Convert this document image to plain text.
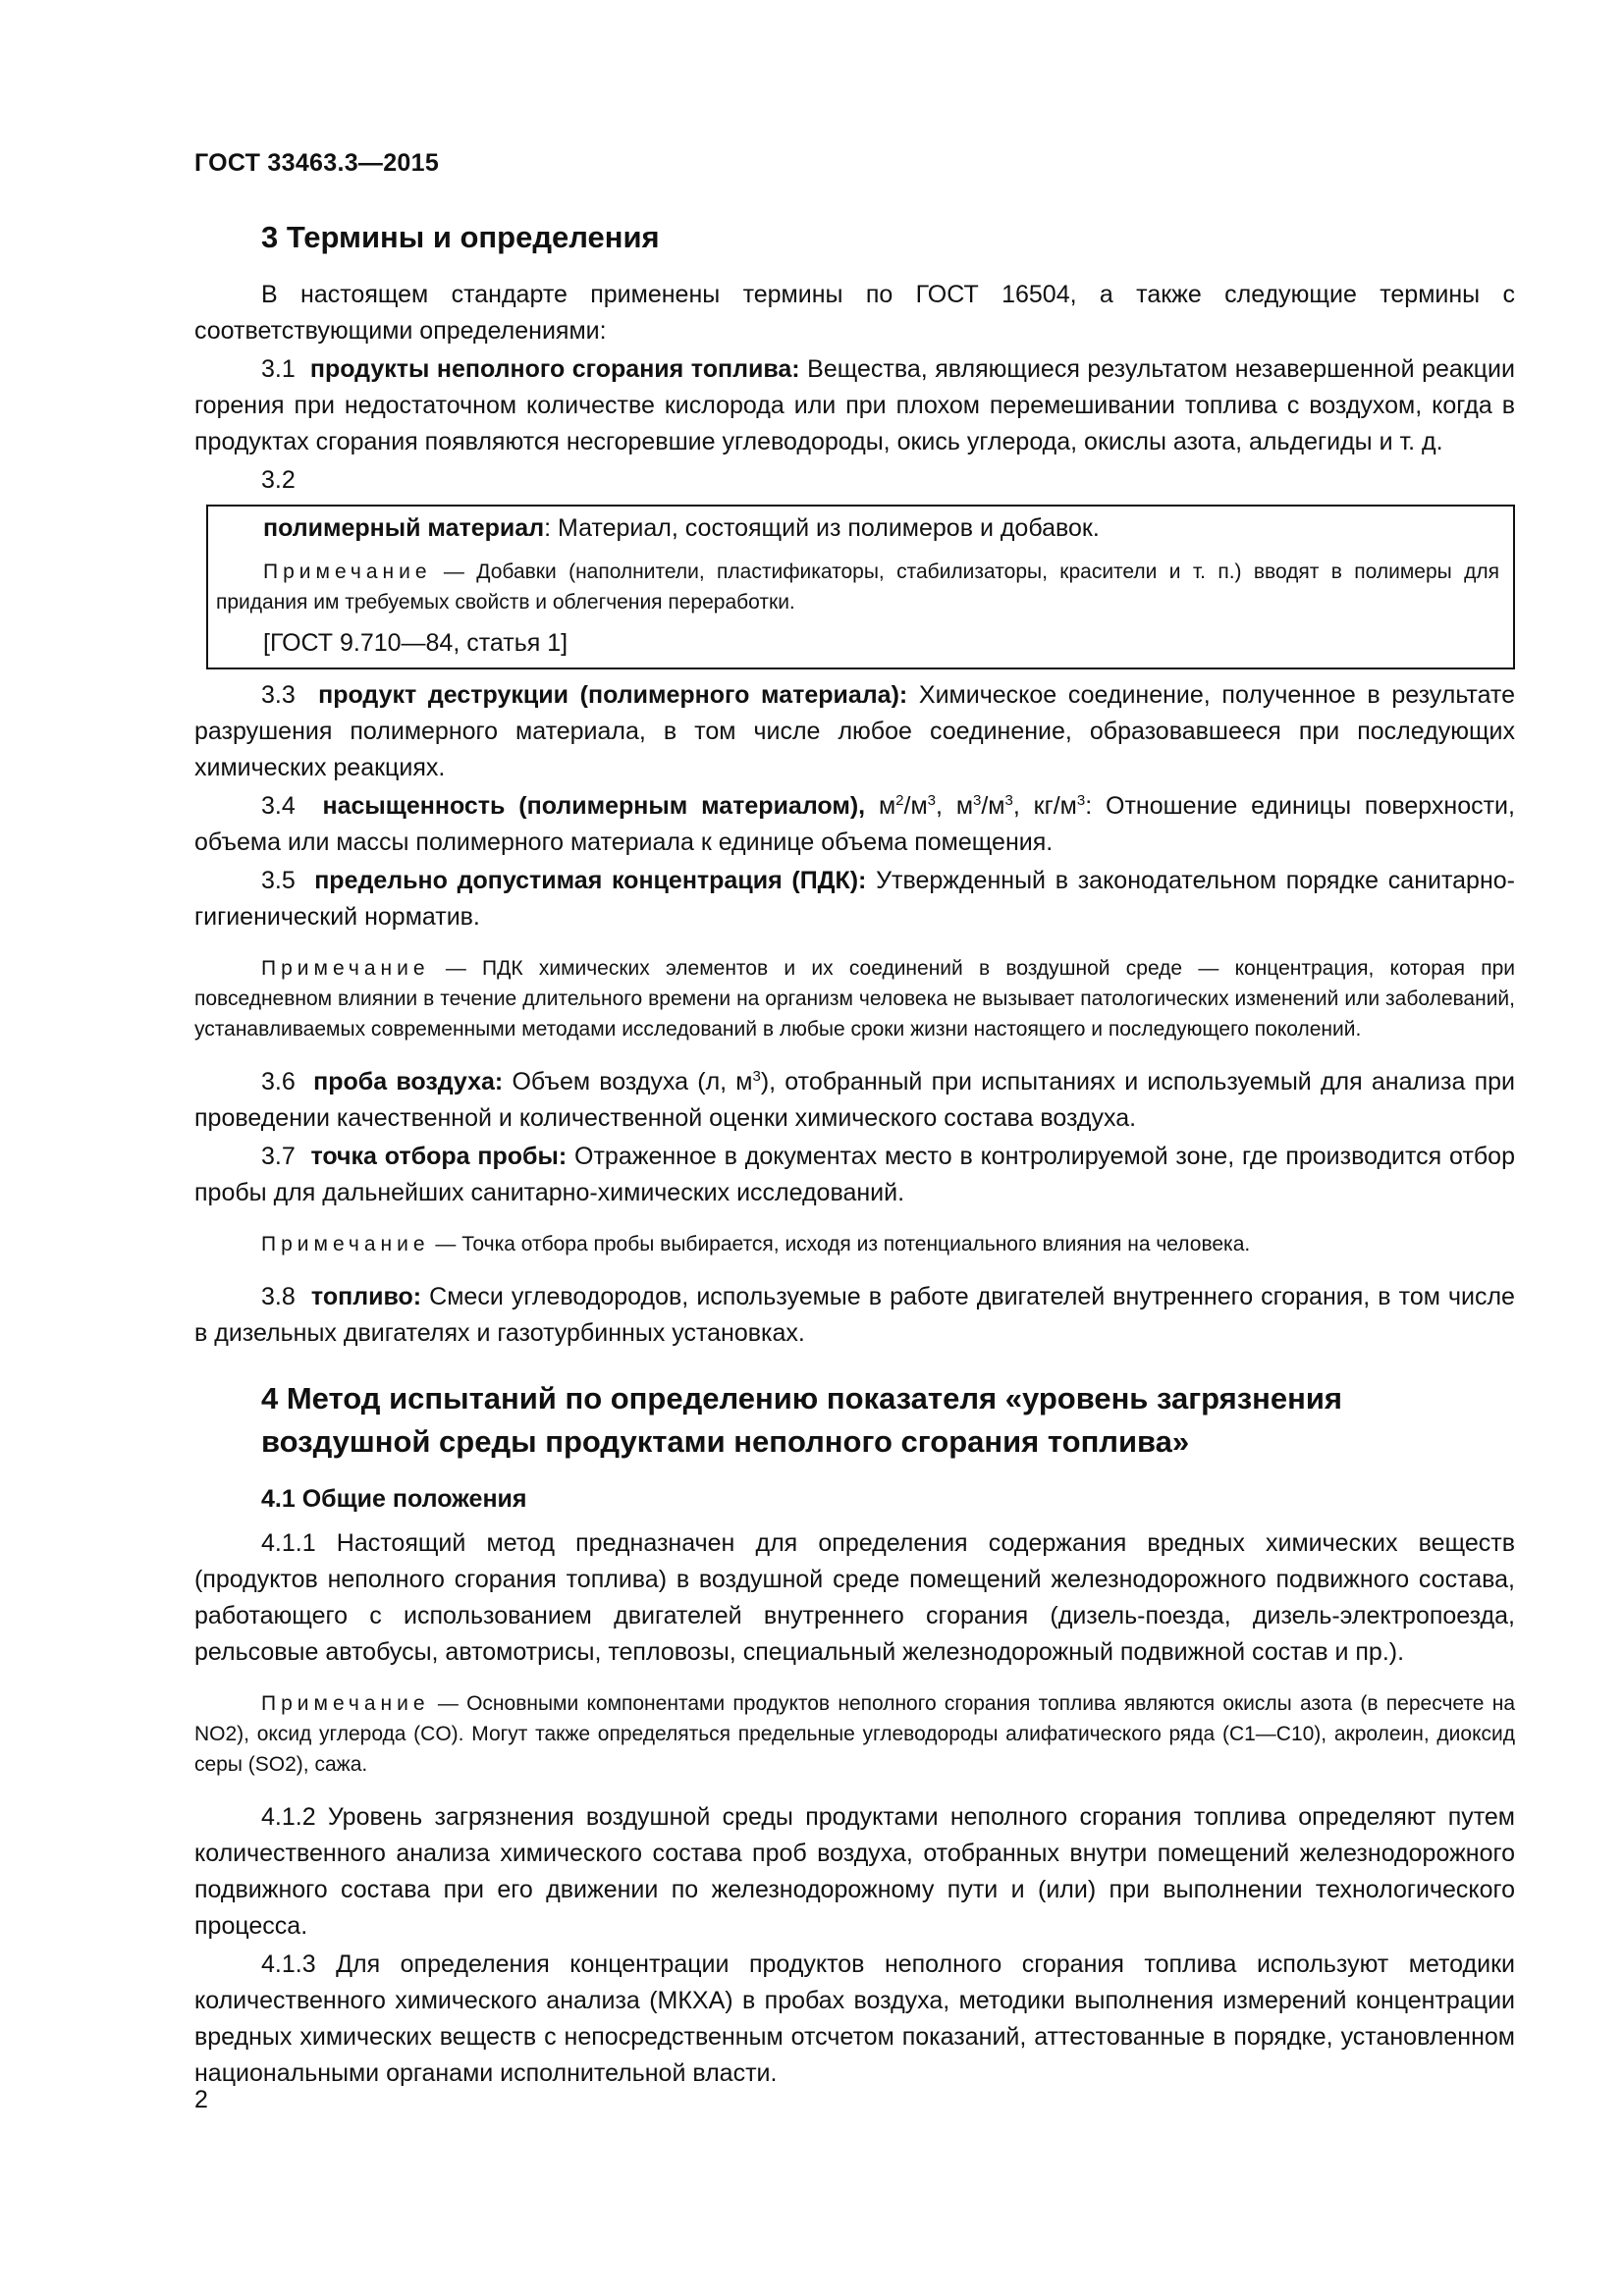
ГОСТ 33463.3—2015
3 Термины и определения

В настоящем стандарте применены термины по ГОСТ 16504, а также следующие термины с соответствующими определениями:

3.1 продукты неполного сгорания топлива: Вещества, являющиеся результатом незавершенной реакции горения при недостаточном количестве кислорода или при плохом перемешивании топлива с воздухом, когда в продуктах сгорания появляются несгоревшие углеводороды, окись углерода, окислы азота, альдегиды и т. д.

3.2

полимерный материал: Материал, состоящий из полимеров и добавок.

Примечание — Добавки (наполнители, пластификаторы, стабилизаторы, красители и т. п.) вводят в полимеры для придания им требуемых свойств и облегчения переработки.

[ГОСТ 9.710—84, статья 1]

3.3 продукт деструкции (полимерного материала): Химическое соединение, полученное в результате разрушения полимерного материала, в том числе любое соединение, образовавшееся при последующих химических реакциях.

3.4 насыщенность (полимерным материалом), $м^2/м^3$, $м^3/м^3$, $кг/м^3$: Отношение единицы поверхности, объема или массы полимерного материала к единице объема помещения.

3.5 предельно допустимая концентрация (ПДК): Утвержденный в законодательном порядке санитарно-гигиенический норматив.

Примечание — ПДК химических элементов и их соединений в воздушной среде — концентрация, которая при повседневном влиянии в течение длительного времени на организм человека не вызывает патологических изменений или заболеваний, устанавливаемых современными методами исследований в любые сроки жизни настоящего и последующего поколений.

3.6 проба воздуха: Объем воздуха (л, $м^3$), отобранный при испытаниях и используемый для анализа при проведении качественной и количественной оценки химического состава воздуха.

3.7 точка отбора пробы: Отраженное в документах место в контролируемой зоне, где производится отбор пробы для дальнейших санитарно-химических исследований.

Примечание — Точка отбора пробы выбирается, исходя из потенциального влияния на человека.

3.8 топливо: Смеси углеводородов, используемые в работе двигателей внутреннего сгорания, в том числе в дизельных двигателях и газотурбинных установках.

4 Метод испытаний по определению показателя «уровень загрязнения
воздушной среды продуктами неполного сгорания топлива»
4.1 Общие положения

4.1.1 Настоящий метод предназначен для определения содержания вредных химических веществ (продуктов неполного сгорания топлива) в воздушной среде помещений железнодорожного подвижного состава, работающего с использованием двигателей внутреннего сгорания (дизель-поезда, дизель-электропоезда, рельсовые автобусы, автомотрисы, тепловозы, специальный железнодорожный подвижной состав и пр.).

Примечание — Основными компонентами продуктов неполного сгорания топлива являются окислы азота (в пересчете на NO2), оксид углерода (CO). Могут также определяться предельные углеводороды алифатического ряда (С1—С10), акролеин, диоксид серы (SO2), сажа.

4.1.2 Уровень загрязнения воздушной среды продуктами неполного сгорания топлива определяют путем количественного анализа химического состава проб воздуха, отобранных внутри помещений железнодорожного подвижного состава при его движении по железнодорожному пути и (или) при выполнении технологического процесса.

4.1.3 Для определения концентрации продуктов неполного сгорания топлива используют методики количественного химического анализа (МКХА) в пробах воздуха, методики выполнения измерений концентрации вредных химических веществ с непосредственным отсчетом показаний, аттестованные в порядке, установленном национальными органами исполнительной власти.

2
